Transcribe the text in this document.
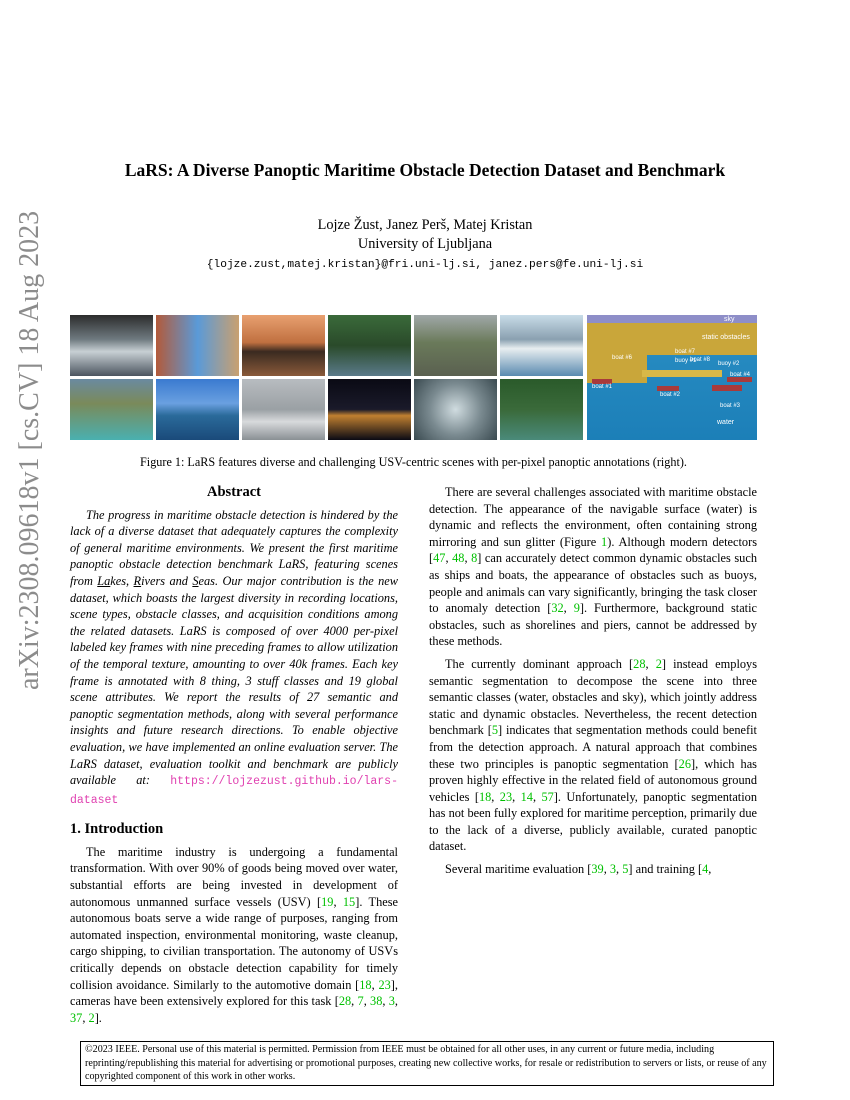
arXiv:2308.09618v1 [cs.CV] 18 Aug 2023
LaRS: A Diverse Panoptic Maritime Obstacle Detection Dataset and Benchmark
Lojze Žust, Janez Perš, Matej Kristan
University of Ljubljana
{lojze.zust,matej.kristan}@fri.uni-lj.si, janez.pers@fe.uni-lj.si
sky
static obstacles
boat #6
boat #7
buoy #1
boat #8
buoy #2
boat #1
boat #2
boat #4
boat #3
water
Figure 1: LaRS features diverse and challenging USV-centric scenes with per-pixel panoptic annotations (right).
Abstract

The progress in maritime obstacle detection is hindered by the lack of a diverse dataset that adequately captures the complexity of general maritime environments. We present the first maritime panoptic obstacle detection benchmark LaRS, featuring scenes from Lakes, Rivers and Seas. Our major contribution is the new dataset, which boasts the largest diversity in recording locations, scene types, obstacle classes, and acquisition conditions among the related datasets. LaRS is composed of over 4000 per-pixel labeled key frames with nine preceding frames to allow utilization of the temporal texture, amounting to over 40k frames. Each key frame is annotated with 8 thing, 3 stuff classes and 19 global scene attributes. We report the results of 27 semantic and panoptic segmentation methods, along with several performance insights and future research directions. To enable objective evaluation, we have implemented an online evaluation server. The LaRS dataset, evaluation toolkit and benchmark are publicly available at: https://lojzezust.github.io/lars-dataset

1. Introduction

The maritime industry is undergoing a fundamental transformation. With over 90% of goods being moved over water, substantial efforts are being invested in development of autonomous unmanned surface vessels (USV) [19, 15]. These autonomous boats serve a wide range of purposes, ranging from automated inspection, environmental monitoring, waste cleanup, cargo shipping, to civilian transportation. The autonomy of USVs critically depends on obstacle detection capability for timely collision avoidance. Similarly to the automotive domain [18, 23], cameras have been extensively explored for this task [28, 7, 38, 3, 37, 2].

There are several challenges associated with maritime obstacle detection. The appearance of the navigable surface (water) is dynamic and reflects the environment, often containing strong mirroring and sun glitter (Figure 1). Although modern detectors [47, 48, 8] can accurately detect common dynamic obstacles such as ships and boats, the appearance of obstacles such as buoys, people and animals can vary significantly, bringing the task closer to anomaly detection [32, 9]. Furthermore, background static obstacles, such as shorelines and piers, cannot be addressed by these methods.

The currently dominant approach [28, 2] instead employs semantic segmentation to decompose the scene into three semantic classes (water, obstacles and sky), which jointly address static and dynamic obstacles. Nevertheless, the recent detection benchmark [5] indicates that segmentation methods could benefit from the detection approach. A natural approach that combines these two principles is panoptic segmentation [26], which has proven highly effective in the related field of autonomous ground vehicles [18, 23, 14, 57]. Unfortunately, panoptic segmentation has not been fully explored for maritime perception, primarily due to the lack of a diverse, publicly available, curated panoptic dataset.

Several maritime evaluation [39, 3, 5] and training [4,

©2023 IEEE. Personal use of this material is permitted. Permission from IEEE must be obtained for all other uses, in any current or future media, including reprinting/republishing this material for advertising or promotional purposes, creating new collective works, for resale or redistribution to servers or lists, or reuse of any copyrighted component of this work in other works.
